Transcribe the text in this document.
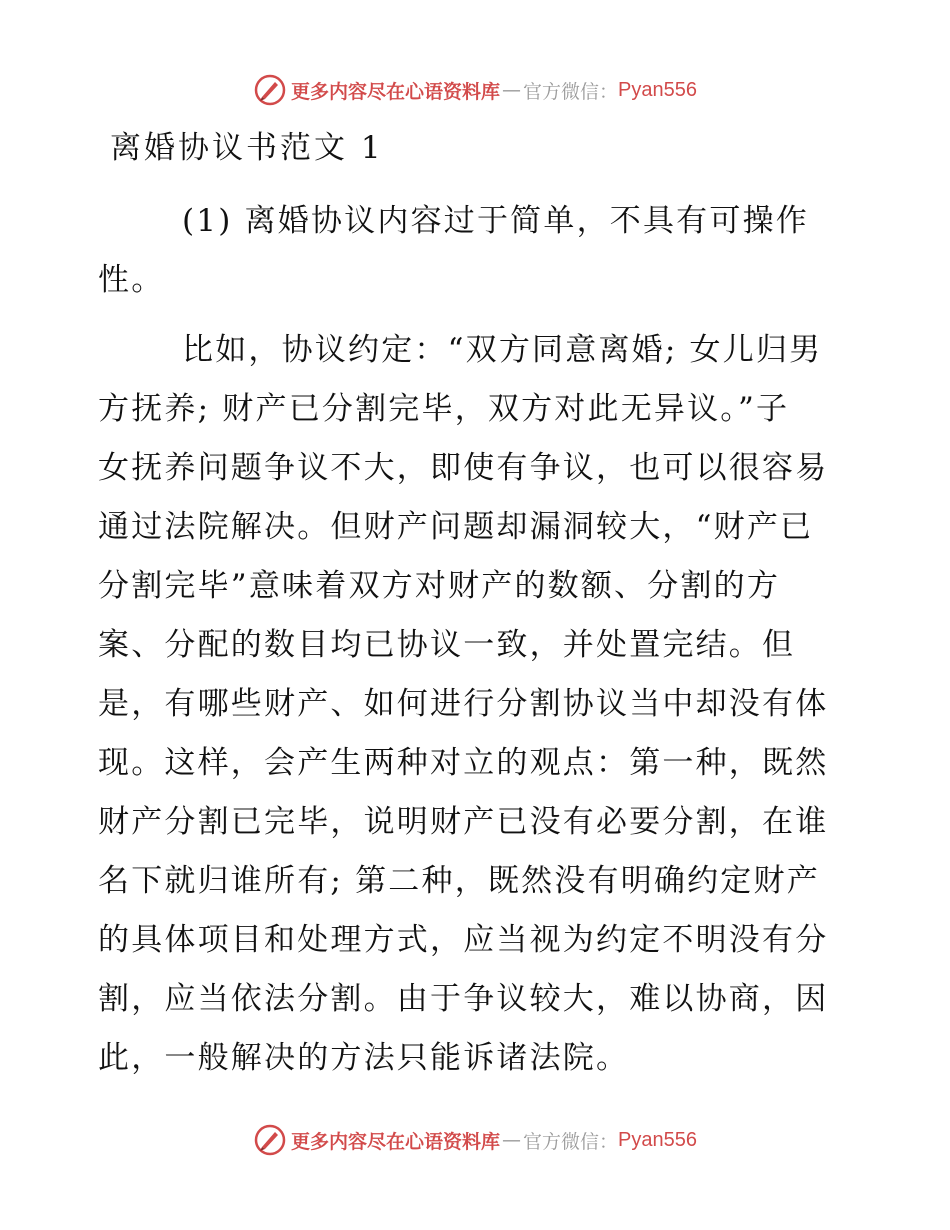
更多内容尽在心语资料库 — 官方微信： Pyan556
离婚协议书范文 1
(1) 离婚协议内容过于简单，不具有可操作
性。
比如，协议约定：“双方同意离婚; 女儿归男
方抚养; 财产已分割完毕，双方对此无异议。”子
女抚养问题争议不大，即使有争议，也可以很容易
通过法院解决。但财产问题却漏洞较大，“财产已
分割完毕”意味着双方对财产的数额、分割的方
案、分配的数目均已协议一致，并处置完结。但
是，有哪些财产、如何进行分割协议当中却没有体
现。这样，会产生两种对立的观点：第一种，既然
财产分割已完毕，说明财产已没有必要分割，在谁
名下就归谁所有; 第二种，既然没有明确约定财产
的具体项目和处理方式，应当视为约定不明没有分
割，应当依法分割。由于争议较大，难以协商，因
此，一般解决的方法只能诉诸法院。
更多内容尽在心语资料库 — 官方微信： Pyan556
